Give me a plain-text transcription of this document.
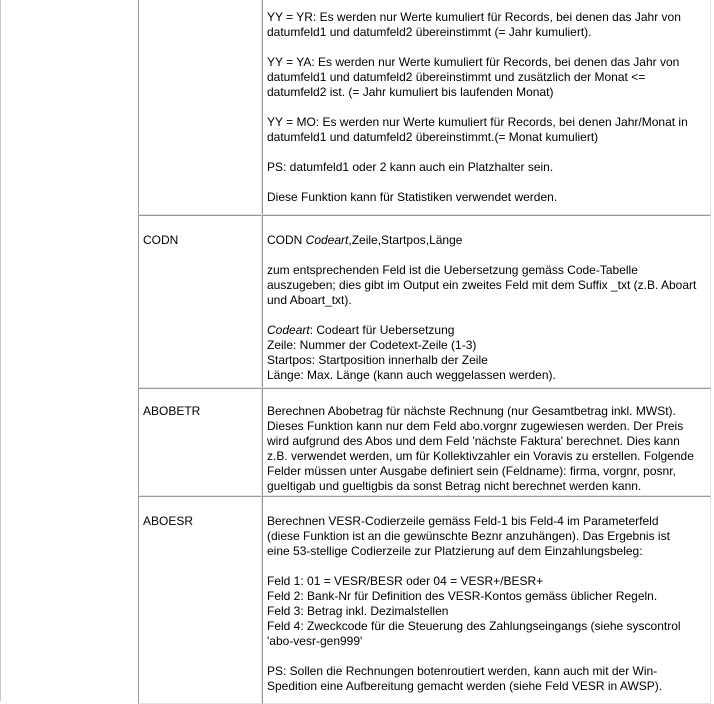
YY = YR: Es werden nur Werte kumuliert für Records, bei denen das Jahr von

datumfeld1 und datumfeld2 übereinstimmt (= Jahr kumuliert).

YY = YA: Es werden nur Werte kumuliert für Records, bei denen das Jahr von

datumfeld1 und datumfeld2 übereinstimmt und zusätzlich der Monat <=

datumfeld2 ist. (= Jahr kumuliert bis laufenden Monat)

YY = MO: Es werden nur Werte kumuliert für Records, bei denen Jahr/Monat in

datumfeld1 und datumfeld2 übereinstimmt.(= Monat kumuliert)

PS: datumfeld1 oder 2 kann auch ein Platzhalter sein.

Diese Funktion kann für Statistiken verwendet werden.

CODN	CODN Codeart,Zeile,Startpos,Länge

zum entsprechenden Feld ist die Uebersetzung gemäss Code-Tabelle

auszugeben; dies gibt im Output ein zweites Feld mit dem Suffix _txt (z.B. Aboart

und Aboart_txt).

Codeart: Codeart für Uebersetzung

Zeile: Nummer der Codetext-Zeile (1-3)

Startpos: Startposition innerhalb der Zeile

Länge: Max. Länge (kann auch weggelassen werden).

ABOBETR	Berechnen Abobetrag für nächste Rechnung (nur Gesamtbetrag inkl. MWSt).

Dieses Funktion kann nur dem Feld abo.vorgnr zugewiesen werden. Der Preis

wird aufgrund des Abos und dem Feld 'nächste Faktura' berechnet. Dies kann

z.B. verwendet werden, um für Kollektivzahler ein Voravis zu erstellen. Folgende

Felder müssen unter Ausgabe definiert sein (Feldname): firma, vorgnr, posnr,

gueltigab und gueltigbis da sonst Betrag nicht berechnet werden kann.

ABOESR	Berechnen VESR-Codierzeile gemäss Feld-1 bis Feld-4 im Parameterfeld

(diese Funktion ist an die gewünschte Beznr anzuhängen). Das Ergebnis ist

eine 53-stellige Codierzeile zur Platzierung auf dem Einzahlungsbeleg:

Feld 1: 01 = VESR/BESR oder 04 = VESR+/BESR+

Feld 2: Bank-Nr für Definition des VESR-Kontos gemäss üblicher Regeln.

Feld 3: Betrag inkl. Dezimalstellen

Feld 4: Zweckcode für die Steuerung des Zahlungseingangs (siehe syscontrol

'abo-vesr-gen999'

PS: Sollen die Rechnungen botenroutiert werden, kann auch mit der Win-

Spedition eine Aufbereitung gemacht werden (siehe Feld VESR in AWSP).
